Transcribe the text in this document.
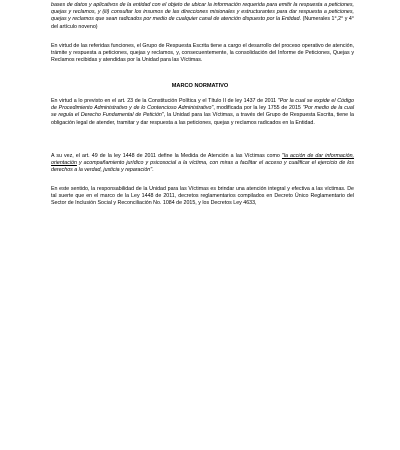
bases de datos y aplicativos de la entidad con el objeto de ubicar la información requerida para emitir la respuesta a peticiones, quejas y reclamos, y (iii) consultar los insumos de las direcciones misionales y estructurantes para dar respuesta a peticiones, quejas y reclamos que sean radicados por medio de cualquier canal de atención dispuesto por la Entidad. (Numerales 1°,2° y 4° del artículo noveno)
En virtud de las referidas funciones, el Grupo de Respuesta Escrita tiene a cargo el desarrollo del proceso operativo de atención, trámite y respuesta a peticiones, quejas y reclamos, y, consecuentemente, la consolidación del Informe de Peticiones, Quejas y Reclamos recibidas y atendidas por la Unidad para las Víctimas.
MARCO NORMATIVO
En virtud a lo previsto en el art. 23 de la Constitución Política y el Título II de ley 1437 de 2011 "Por la cual se expide el Código de Procedimiento Administrativo y de lo Contencioso Administrativo", modificada por la ley 1755 de 2015 "Por medio de la cual se regula el Derecho Fundamental de Petición", la Unidad para las Víctimas, a través del Grupo de Respuesta Escrita, tiene la obligación legal de atender, tramitar y dar respuesta a las peticiones, quejas y reclamos radicados en la Entidad.
A su vez, el art. 49 de la ley 1448 de 2011 define la Medida de Atención a las Víctimas como "la acción de dar información, orientación y acompañamiento jurídico y psicosocial a la víctima, con miras a facilitar el acceso y cualificar el ejercicio de los derechos a la verdad, justicia y reparación".
En este sentido, la responsabilidad de la Unidad para las Víctimas es brindar una atención integral y efectiva a las víctimas. De tal suerte que en el marco de la Ley 1448 de 2011, decretos reglamentarios compilados en Decreto Único Reglamentario del Sector de Inclusión Social y Reconciliación No. 1084 de 2015, y los Decretos Ley 4633,
